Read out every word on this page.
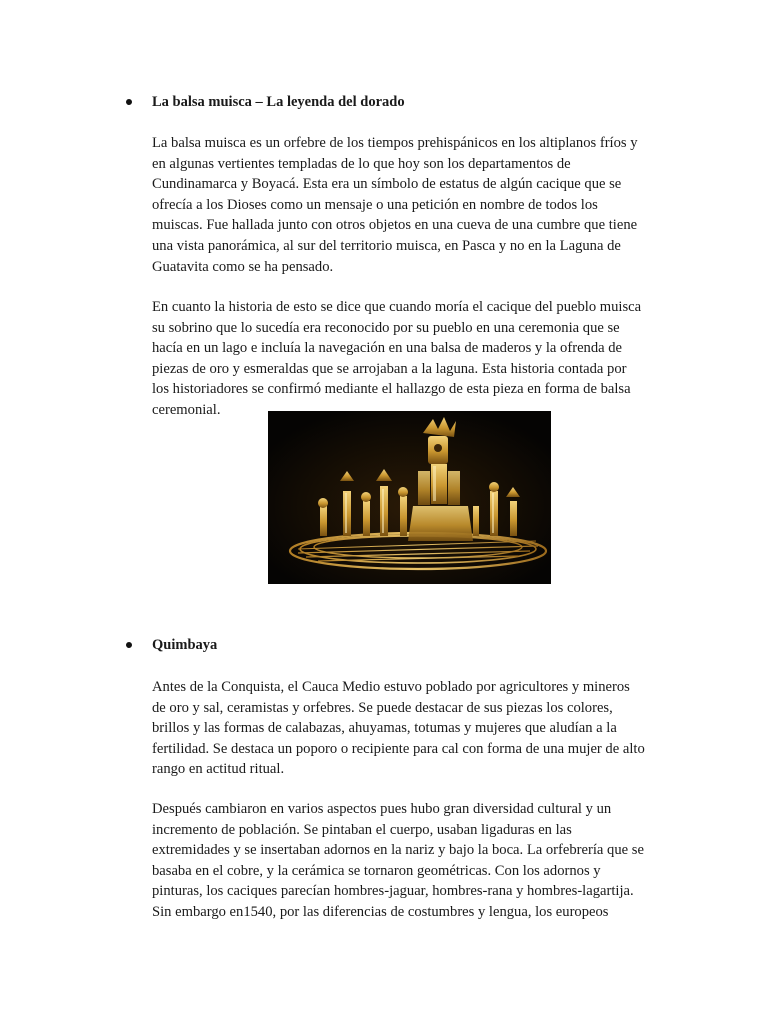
La balsa muisca – La leyenda del dorado

La balsa muisca es un orfebre de los tiempos prehispánicos en los altiplanos fríos y
en algunas vertientes templadas de lo que hoy son los departamentos de
Cundinamarca y Boyacá. Esta era un símbolo de estatus de algún cacique que se
ofrecía a los Dioses como un mensaje o una petición en nombre de todos los
muiscas. Fue hallada junto con otros objetos en una cueva de una cumbre que tiene
una vista panorámica, al sur del territorio muisca, en Pasca y no en la Laguna de
Guatavita como se ha pensado.

En cuanto la historia de esto se dice que cuando moría el cacique del pueblo muisca
su sobrino que lo sucedía era reconocido por su pueblo en una ceremonia que se
hacía en un lago e incluía la navegación en una balsa de maderos y la ofrenda de
piezas de oro y esmeraldas que se arrojaban a la laguna. Esta historia contada por
los historiadores se confirmó mediante el hallazgo de esta pieza en forma de balsa
ceremonial.

Quimbaya

Antes de la Conquista, el Cauca Medio estuvo poblado por agricultores y mineros
de oro y sal, ceramistas y orfebres. Se puede destacar de sus piezas los colores,
brillos y las formas de calabazas, ahuyamas, totumas y mujeres que aludían a la
fertilidad. Se destaca un poporo o recipiente para cal con forma de una mujer de alto
rango en actitud ritual.

Después cambiaron en varios aspectos pues hubo gran diversidad cultural y un
incremento de población. Se pintaban el cuerpo, usaban ligaduras en las
extremidades y se insertaban adornos en la nariz y bajo la boca. La orfebrería que se
basaba en el cobre, y la cerámica se tornaron geométricas. Con los adornos y
pinturas, los caciques parecían hombres-jaguar, hombres-rana y hombres-lagartija.
Sin embargo en1540, por las diferencias de costumbres y lengua, los europeos
